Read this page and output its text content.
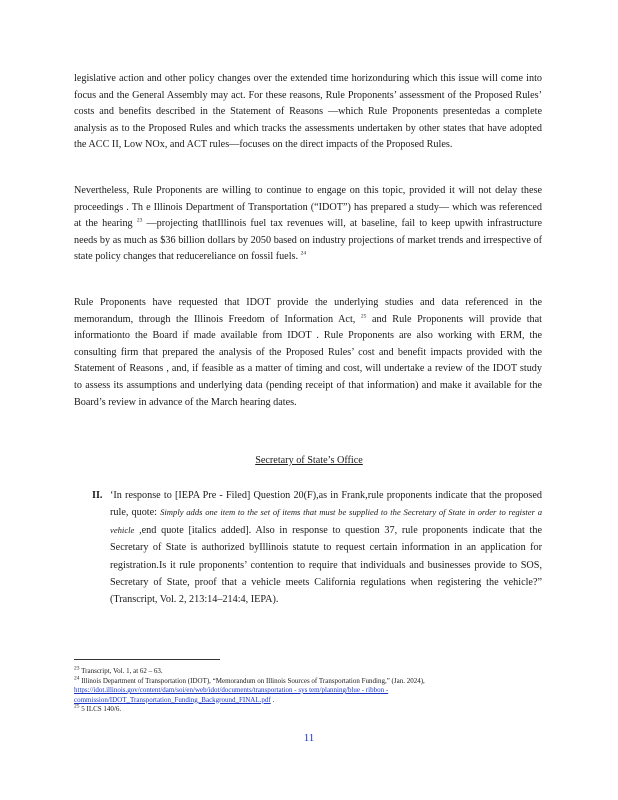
legislative action and other policy changes over the extended time horizonduring which this issue will come into focus and the General Assembly may act. For these reasons, Rule Proponents’ assessment of the Proposed Rules’ costs and benefits described in the Statement of Reasons —which Rule Proponents presentedas a complete analysis as to the Proposed Rules and which tracks the assessments undertaken by other states that have adopted the ACC II, Low NOx, and ACT rules—focuses on the direct impacts of the Proposed Rules.

Nevertheless, Rule Proponents are willing to continue to engage on this topic, provided it will not delay these proceedings . Th e Illinois Department of Transportation (“IDOT”) has prepared a study— which was referenced at the hearing $^{23}$ —projecting thatIllinois fuel tax revenues will, at baseline, fail to keep upwith infrastructure needs by as much as $36 billion dollars by 2050 based on industry projections of market trends and irrespective of state policy changes that reducereliance on fossil fuels. $^{24}$

Rule Proponents have requested that IDOT provide the underlying studies and data referenced in the memorandum, through the Illinois Freedom of Information Act, $^{25}$ and Rule Proponents will provide that informationto the Board if made available from IDOT . Rule Proponents are also working with ERM, the consulting firm that prepared the analysis of the Proposed Rules’ cost and benefit impacts provided with the Statement of Reasons , and, if feasible as a matter of timing and cost, will undertake a review of the IDOT study to assess its assumptions and underlying data (pending receipt of that information) and make it available for the Board’s review in advance of the March hearing dates.

Secretary of State’s Office

II. ‘In response to [IEPA Pre - Filed] Question 20(F),as in Frank,rule proponents indicate that the proposed rule, quote: Simply adds one item to the set of items that must be supplied to the Secretary of State in order to register a vehicle ,end quote [italics added]. Also in response to question 37, rule proponents indicate that the Secretary of State is authorized byIllinois statute to request certain information in an application for registration.Is it rule proponents’ contention to require that individuals and businesses provide to SOS, Secretary of State, proof that a vehicle meets California regulations when registering the vehicle?” (Transcript, Vol. 2, 213:14–214:4, IEPA).

$^{23}$ Transcript, Vol. 1, at 62 – 63.

$^{24}$ Illinois Department of Transportation (IDOT), “Memorandum on Illinois Sources of Transportation Funding,” (Jan. 2024), https://idot.illinois.gov/content/dam/soi/en/web/idot/documents/transportation - sys tem/planning/blue - ribbon -commission/IDOT_Transportation_Funding_Background_FINAL.pdf .

$^{25}$ 5 ILCS 140/6.

11
